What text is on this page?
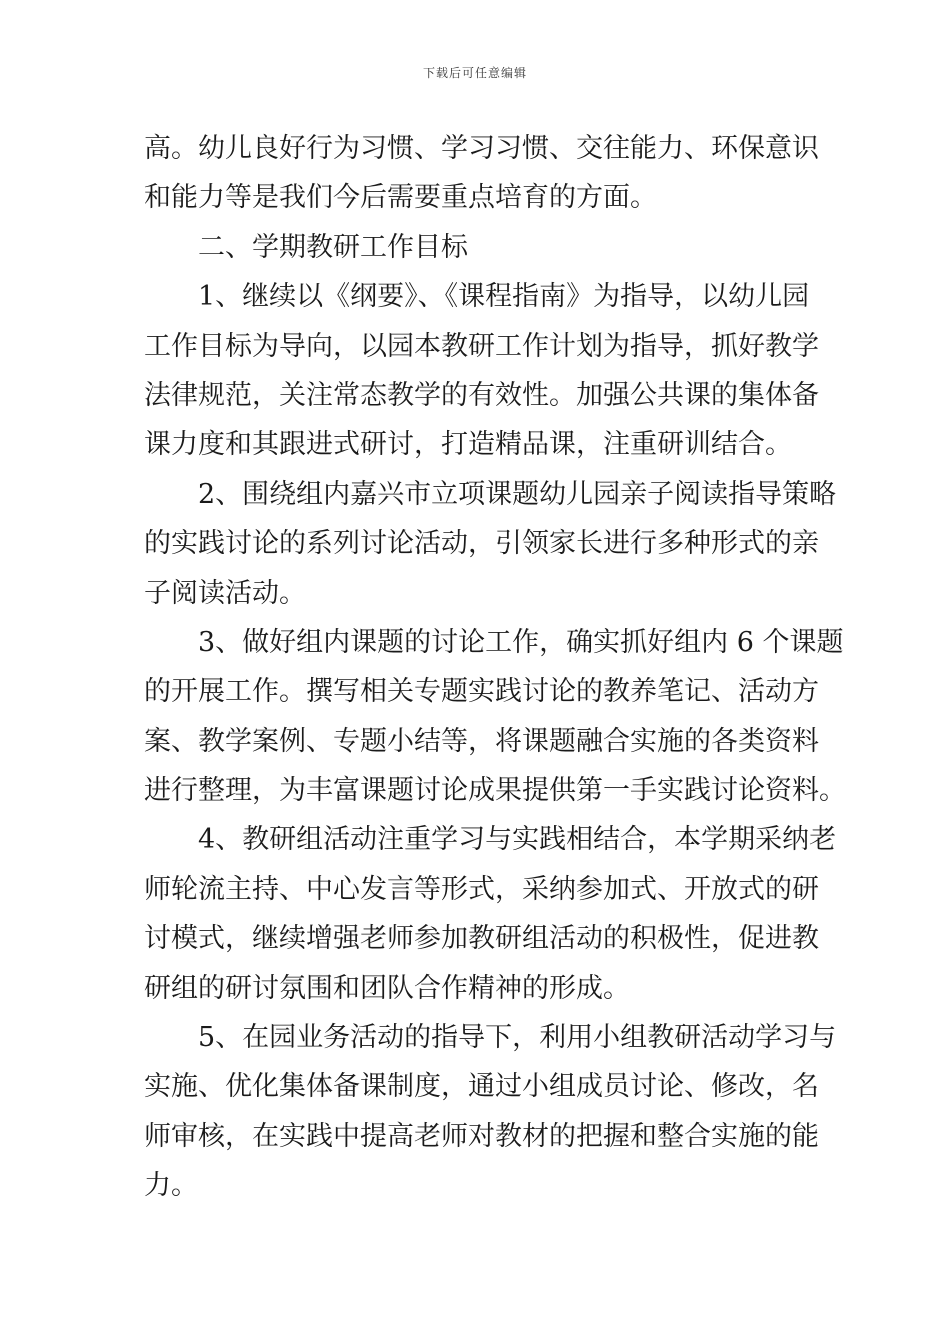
下载后可任意编辑
高。幼儿良好行为习惯、学习习惯、交往能力、环保意识
和能力等是我们今后需要重点培育的方面。
二、学期教研工作目标
1、继续以《纲要》、《课程指南》为指导，以幼儿园
工作目标为导向，以园本教研工作计划为指导，抓好教学
法律规范，关注常态教学的有效性。加强公共课的集体备
课力度和其跟进式研讨，打造精品课，注重研训结合。
2、围绕组内嘉兴市立项课题幼儿园亲子阅读指导策略
的实践讨论的系列讨论活动，引领家长进行多种形式的亲
子阅读活动。
3、做好组内课题的讨论工作，确实抓好组内 6 个课题
的开展工作。撰写相关专题实践讨论的教养笔记、活动方
案、教学案例、专题小结等，将课题融合实施的各类资料
进行整理，为丰富课题讨论成果提供第一手实践讨论资料。
4、教研组活动注重学习与实践相结合，本学期采纳老
师轮流主持、中心发言等形式，采纳参加式、开放式的研
讨模式，继续增强老师参加教研组活动的积极性，促进教
研组的研讨氛围和团队合作精神的形成。
5、在园业务活动的指导下，利用小组教研活动学习与
实施、优化集体备课制度，通过小组成员讨论、修改，名
师审核，在实践中提高老师对教材的把握和整合实施的能
力。
